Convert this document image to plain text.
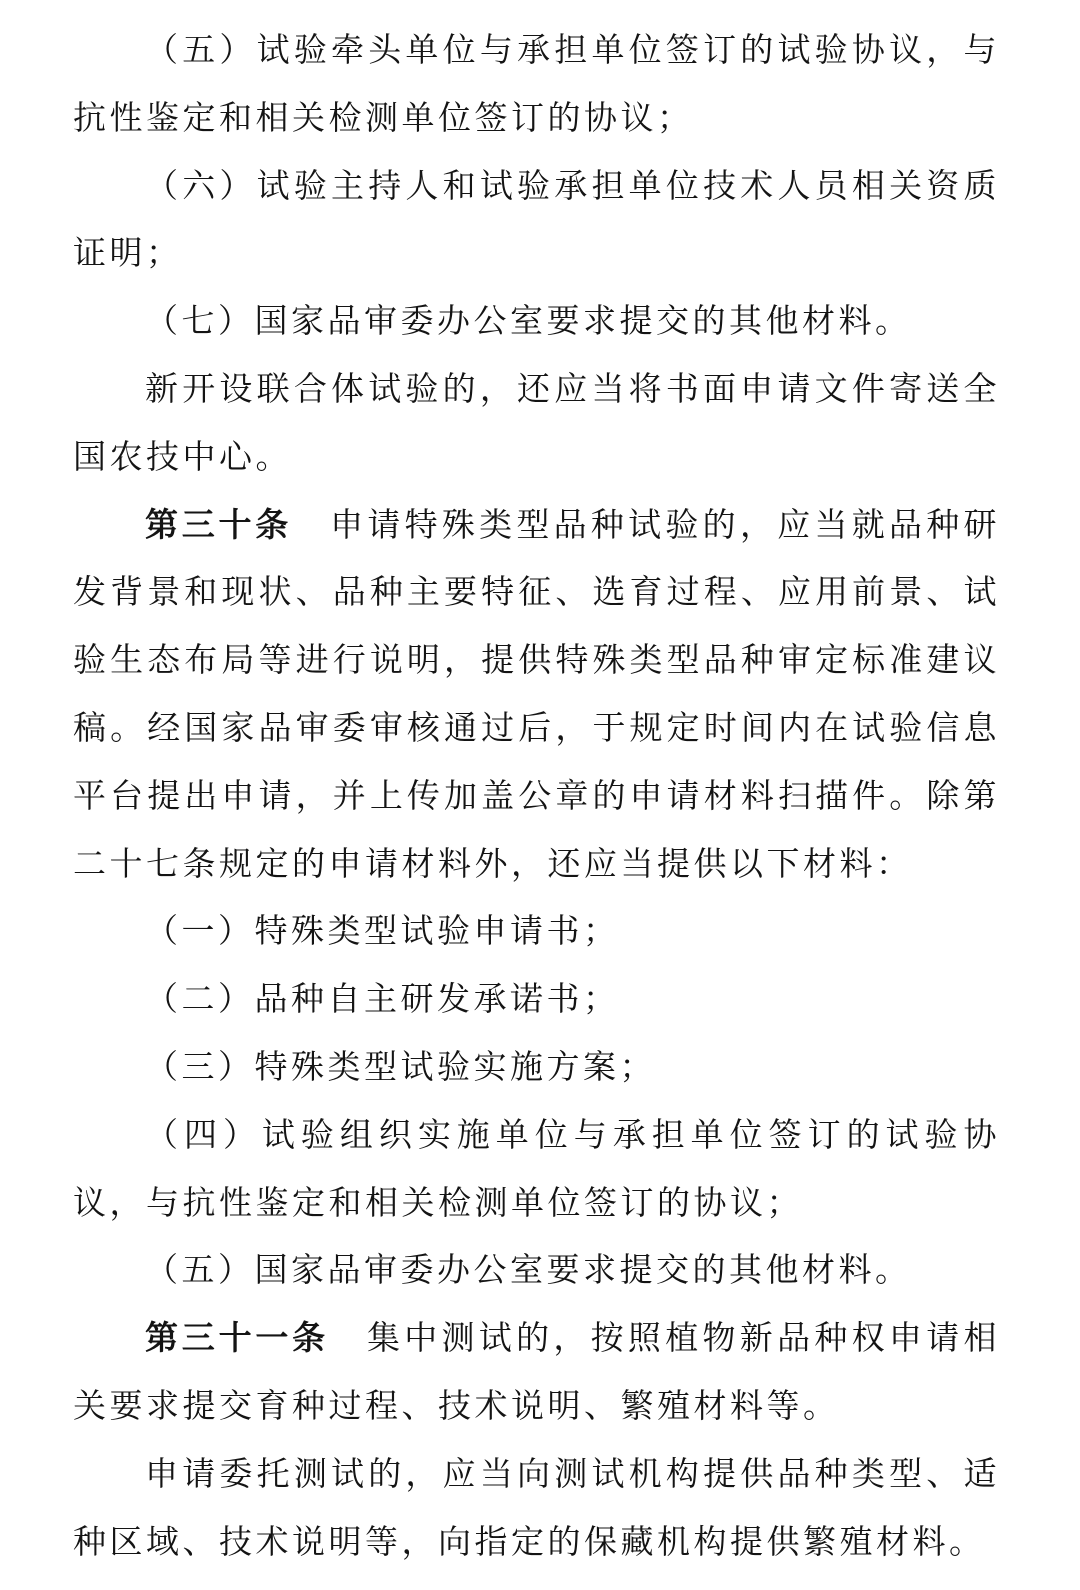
（五）试验牵头单位与承担单位签订的试验协议，与抗性鉴定和相关检测单位签订的协议；

（六）试验主持人和试验承担单位技术人员相关资质证明；

（七）国家品审委办公室要求提交的其他材料。

新开设联合体试验的，还应当将书面申请文件寄送全国农技中心。

第三十条 申请特殊类型品种试验的，应当就品种研发背景和现状、品种主要特征、选育过程、应用前景、试验生态布局等进行说明，提供特殊类型品种审定标准建议稿。经国家品审委审核通过后，于规定时间内在试验信息平台提出申请，并上传加盖公章的申请材料扫描件。除第二十七条规定的申请材料外，还应当提供以下材料：

（一）特殊类型试验申请书；

（二）品种自主研发承诺书；

（三）特殊类型试验实施方案；

（四）试验组织实施单位与承担单位签订的试验协议，与抗性鉴定和相关检测单位签订的协议；

（五）国家品审委办公室要求提交的其他材料。

第三十一条 集中测试的，按照植物新品种权申请相关要求提交育种过程、技术说明、繁殖材料等。

申请委托测试的，应当向测试机构提供品种类型、适种区域、技术说明等，向指定的保藏机构提供繁殖材料。
